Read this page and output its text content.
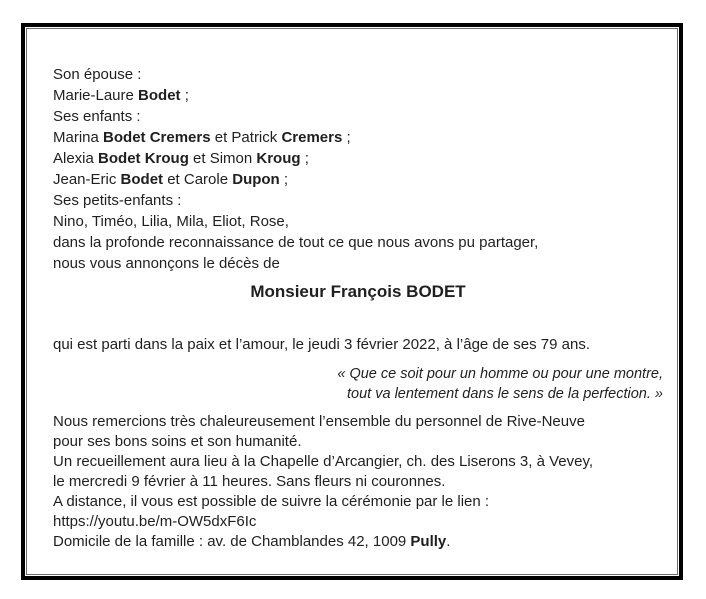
Son épouse :
Marie-Laure Bodet ;
Ses enfants :
Marina Bodet Cremers et Patrick Cremers ;
Alexia Bodet Kroug et Simon Kroug ;
Jean-Eric Bodet et Carole Dupon ;
Ses petits-enfants :
Nino, Timéo, Lilia, Mila, Eliot, Rose,
dans la profonde reconnaissance de tout ce que nous avons pu partager,
nous vous annonçons le décès de
Monsieur François BODET
qui est parti dans la paix et l’amour, le jeudi 3 février 2022, à l’âge de ses 79 ans.
« Que ce soit pour un homme ou pour une montre,
tout va lentement dans le sens de la perfection. »
Nous remercions très chaleureusement l’ensemble du personnel de Rive-Neuve
pour ses bons soins et son humanité.
Un recueillement aura lieu à la Chapelle d’Arcangier, ch. des Liserons 3, à Vevey,
le mercredi 9 février à 11 heures. Sans fleurs ni couronnes.
A distance, il vous est possible de suivre la cérémonie par le lien :
https://youtu.be/m-OW5dxF6Ic
Domicile de la famille : av. de Chamblandes 42, 1009 Pully.
